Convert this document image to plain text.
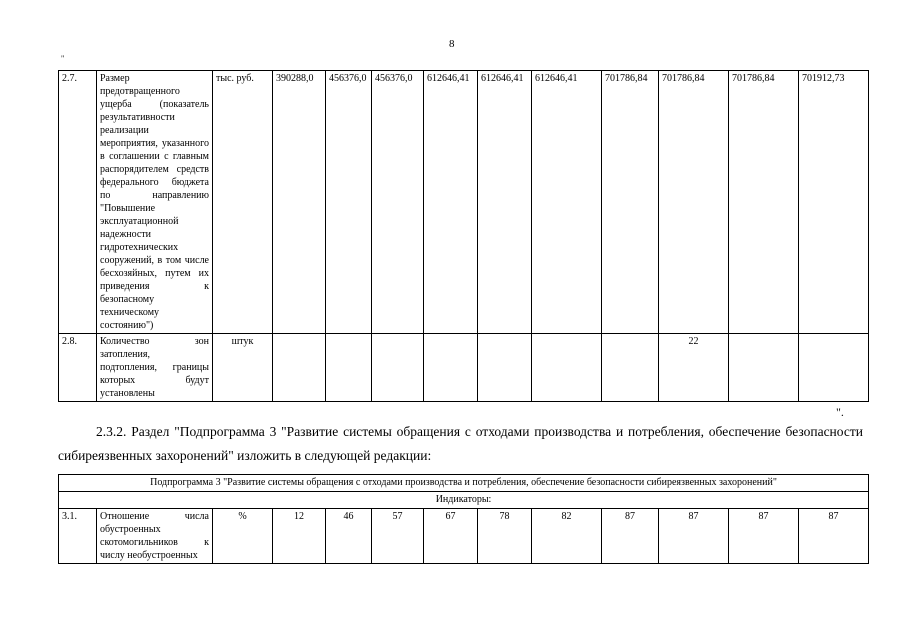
8
"
2.7.	Размер предотвращенного ущерба (показатель результативности реализации мероприятия, указанного в соглашении с главным распорядителем средств федерального бюджета по направлению "Повышение эксплуатационной надежности гидротехнических сооружений, в том числе бесхозяйных, путем их приведения к безопасному техническому состоянию")	тыс. руб.	390288,0	456376,0	456376,0	612646,41	612646,41	612646,41	701786,84	701786,84	701786,84	701912,73
2.8.	Количество зон затопления, подтопления, границы которых будут установлены	штук								22		
".
2.3.2. Раздел "Подпрограмма 3 "Развитие системы обращения с отходами производства и потребления, обеспечение безопасности сибиреязвенных захоронений" изложить в следующей редакции:
Подпрограмма 3 "Развитие системы обращения с отходами производства и потребления, обеспечение безопасности сибиреязвенных захоронений"
Индикаторы:
3.1.	Отношение числа обустроенных скотомогильников к числу необустроенных	%	12	46	57	67	78	82	87	87	87	87
